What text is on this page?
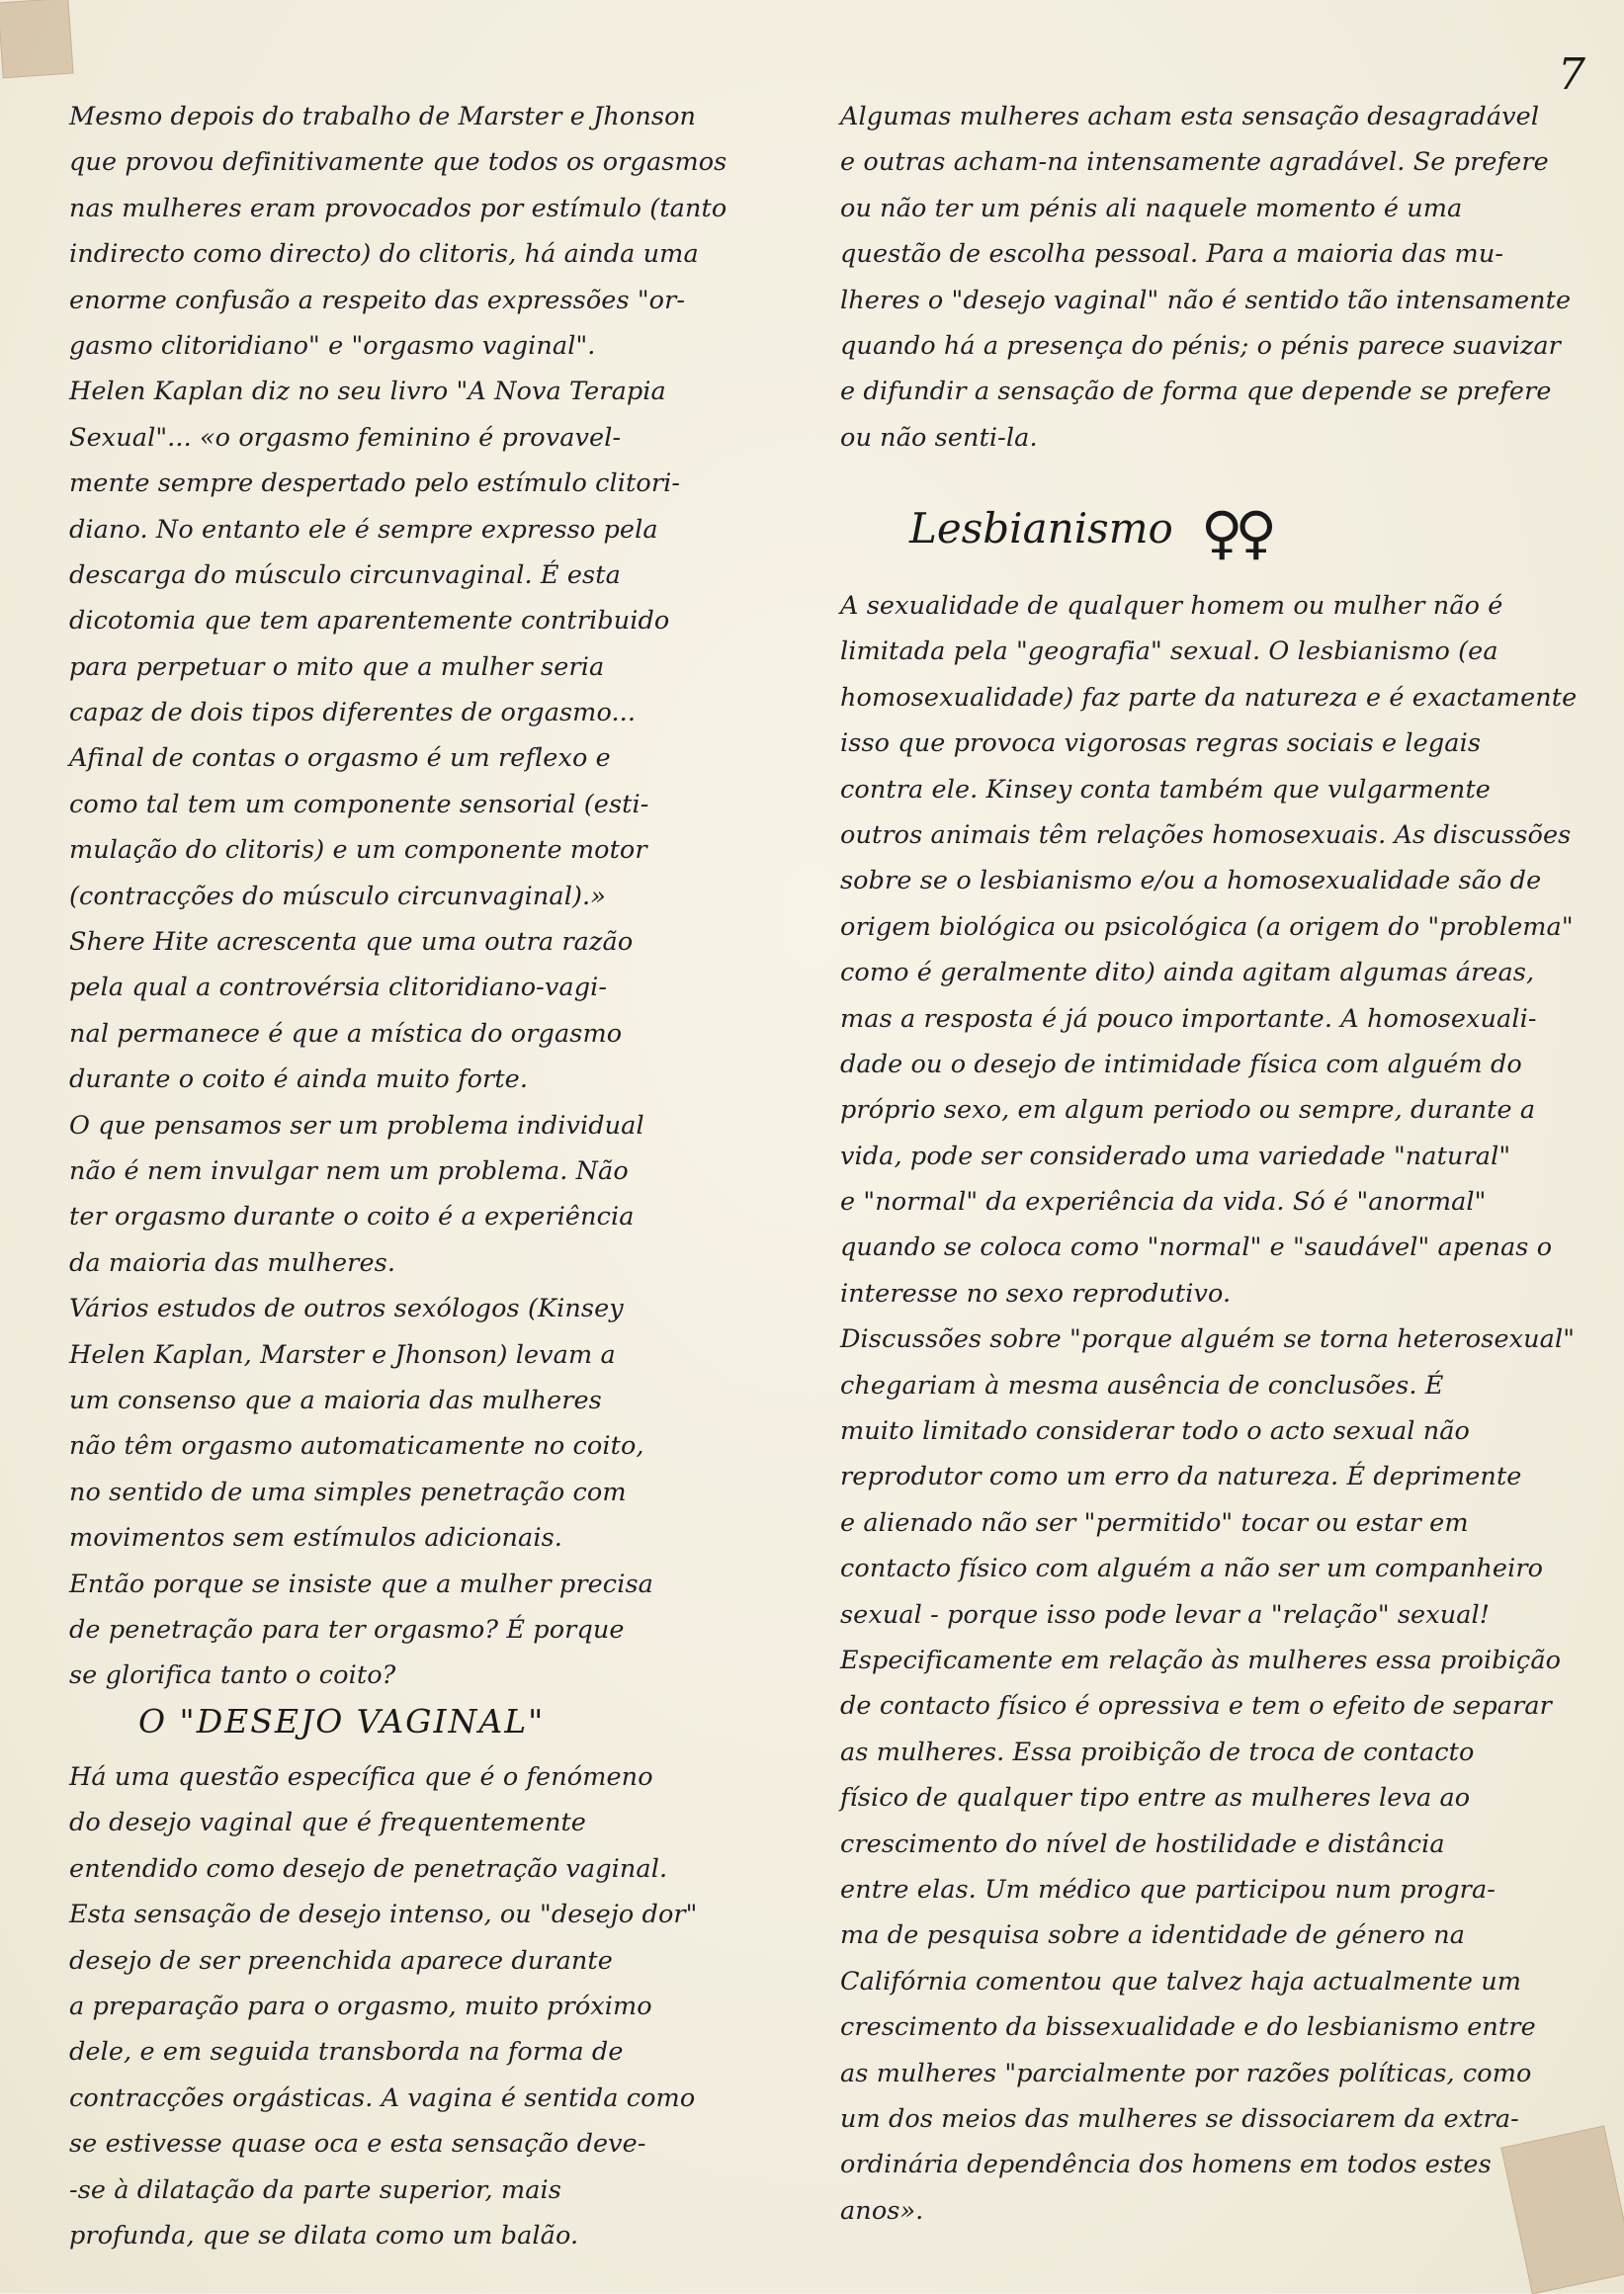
7
Mesmo depois do trabalho de Marster e Jhonson
que provou definitivamente que todos os orgasmos
nas mulheres eram provocados por estímulo (tanto
indirecto como directo) do clitoris, há ainda uma
enorme confusão a respeito das expressões "or-
gasmo clitoridiano" e "orgasmo vaginal".
Helen Kaplan diz no seu livro "A Nova Terapia
Sexual"... «o orgasmo feminino é provavel-
mente sempre despertado pelo estímulo clitori-
diano. No entanto ele é sempre expresso pela
descarga do músculo circunvaginal. É esta
dicotomia que tem aparentemente contribuido
para perpetuar o mito que a mulher seria
capaz de dois tipos diferentes de orgasmo...
Afinal de contas o orgasmo é um reflexo e
como tal tem um componente sensorial (esti-
mulação do clitoris) e um componente motor
(contracções do músculo circunvaginal).»
Shere Hite acrescenta que uma outra razão
pela qual a controvérsia clitoridiano-vagi-
nal permanece é que a mística do orgasmo
durante o coito é ainda muito forte.
O que pensamos ser um problema individual
não é nem invulgar nem um problema. Não
ter orgasmo durante o coito é a experiência
da maioria das mulheres.
Vários estudos de outros sexólogos (Kinsey
Helen Kaplan, Marster e Jhonson) levam a
um consenso que a maioria das mulheres
não têm orgasmo automaticamente no coito,
no sentido de uma simples penetração com
movimentos sem estímulos adicionais.
Então porque se insiste que a mulher precisa
de penetração para ter orgasmo? É porque
se glorifica tanto o coito?
O "DESEJO VAGINAL"
Há uma questão específica que é o fenómeno
do desejo vaginal que é frequentemente
entendido como desejo de penetração vaginal.
Esta sensação de desejo intenso, ou "desejo dor"
desejo de ser preenchida aparece durante
a preparação para o orgasmo, muito próximo
dele, e em seguida transborda na forma de
contracções orgásticas. A vagina é sentida como
se estivesse quase oca e esta sensação deve-
-se à dilatação da parte superior, mais
profunda, que se dilata como um balão.
Algumas mulheres acham esta sensação desagradável
e outras acham-na intensamente agradável. Se prefere
ou não ter um pénis ali naquele momento é uma
questão de escolha pessoal. Para a maioria das mu-
lheres o "desejo vaginal" não é sentido tão intensamente
quando há a presença do pénis; o pénis parece suavizar
e difundir a sensação de forma que depende se prefere
ou não senti-la.
Lesbianismo ♀♀
A sexualidade de qualquer homem ou mulher não é
limitada pela "geografia" sexual. O lesbianismo (ea
homosexualidade) faz parte da natureza e é exactamente
isso que provoca vigorosas regras sociais e legais
contra ele. Kinsey conta também que vulgarmente
outros animais têm relações homosexuais. As discussões
sobre se o lesbianismo e/ou a homosexualidade são de
origem biológica ou psicológica (a origem do "problema"
como é geralmente dito) ainda agitam algumas áreas,
mas a resposta é já pouco importante. A homosexuali-
dade ou o desejo de intimidade física com alguém do
próprio sexo, em algum periodo ou sempre, durante a
vida, pode ser considerado uma variedade "natural"
e "normal" da experiência da vida. Só é "anormal"
quando se coloca como "normal" e "saudável" apenas o
interesse no sexo reprodutivo.
Discussões sobre "porque alguém se torna heterosexual"
chegariam à mesma ausência de conclusões. É
muito limitado considerar todo o acto sexual não
reprodutor como um erro da natureza. É deprimente
e alienado não ser "permitido" tocar ou estar em
contacto físico com alguém a não ser um companheiro
sexual - porque isso pode levar a "relação" sexual!
Especificamente em relação às mulheres essa proibição
de contacto físico é opressiva e tem o efeito de separar
as mulheres. Essa proibição de troca de contacto
físico de qualquer tipo entre as mulheres leva ao
crescimento do nível de hostilidade e distância
entre elas. Um médico que participou num progra-
ma de pesquisa sobre a identidade de género na
Califórnia comentou que talvez haja actualmente um
crescimento da bissexualidade e do lesbianismo entre
as mulheres "parcialmente por razões políticas, como
um dos meios das mulheres se dissociarem da extra-
ordinária dependência dos homens em todos estes
anos».
